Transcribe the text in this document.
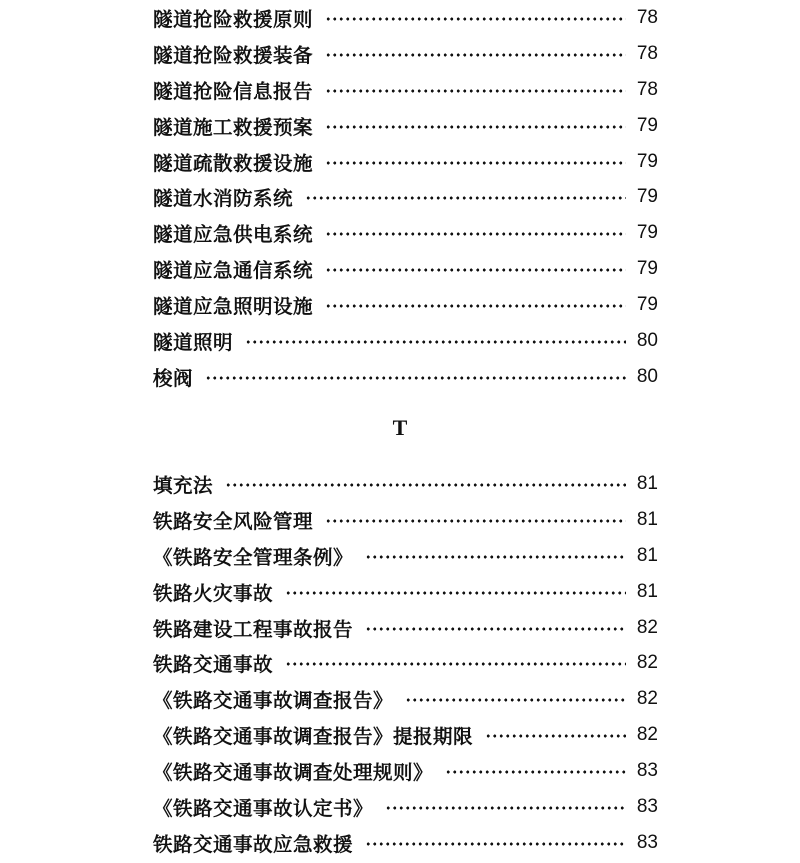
隧道抢险救援原则	78
隧道抢险救援装备	78
隧道抢险信息报告	78
隧道施工救援预案	79
隧道疏散救援设施	79
隧道水消防系统	79
隧道应急供电系统	79
隧道应急通信系统	79
隧道应急照明设施	79
隧道照明	80
梭阀	80
T
填充法	81
铁路安全风险管理	81
《铁路安全管理条例》	81
铁路火灾事故	81
铁路建设工程事故报告	82
铁路交通事故	82
《铁路交通事故调查报告》	82
《铁路交通事故调查报告》提报期限	82
《铁路交通事故调查处理规则》	83
《铁路交通事故认定书》	83
铁路交通事故应急救援	83
